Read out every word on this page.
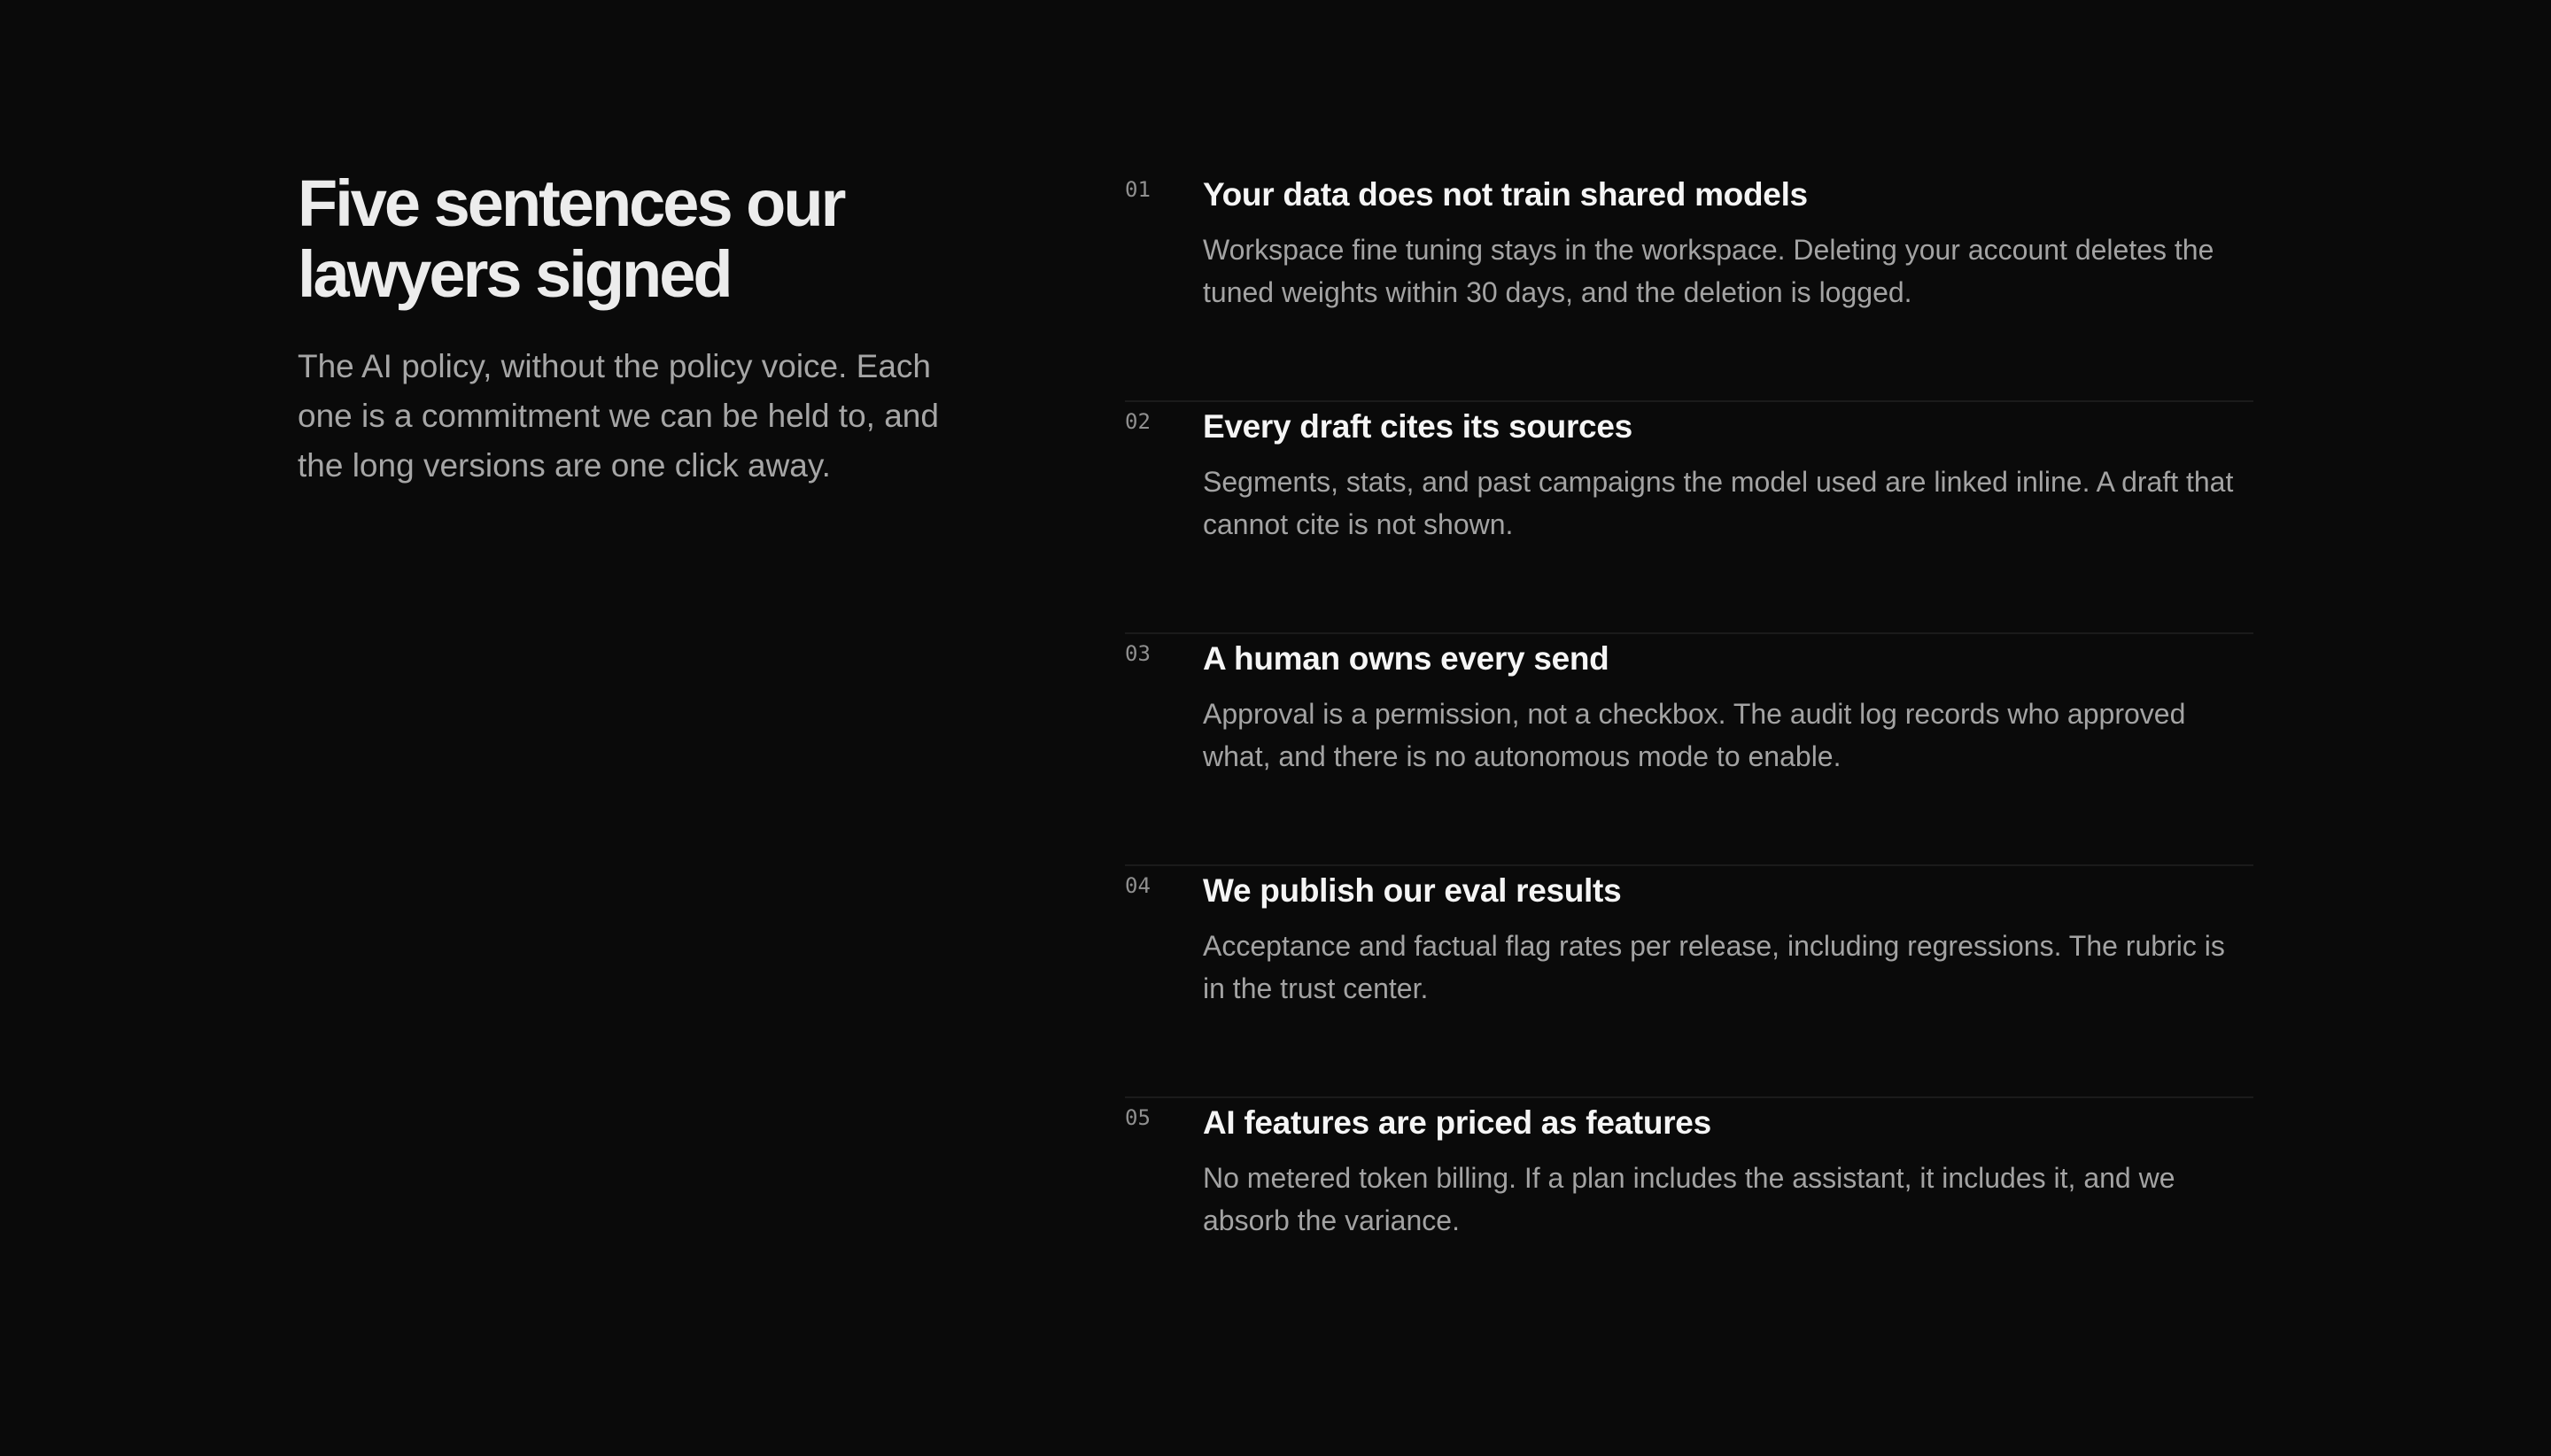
Five sentences our lawyers signed

The AI policy, without the policy voice. Each one is a commitment we can be held to, and the long versions are one click away.

01	Your data does not train shared models

Workspace fine tuning stays in the workspace. Deleting your account deletes the tuned weights within 30 days, and the deletion is logged.

02	Every draft cites its sources

Segments, stats, and past campaigns the model used are linked inline. A draft that cannot cite is not shown.

03	A human owns every send

Approval is a permission, not a checkbox. The audit log records who approved what, and there is no autonomous mode to enable.

04	We publish our eval results

Acceptance and factual flag rates per release, including regressions. The rubric is in the trust center.

05	AI features are priced as features

No metered token billing. If a plan includes the assistant, it includes it, and we absorb the variance.
